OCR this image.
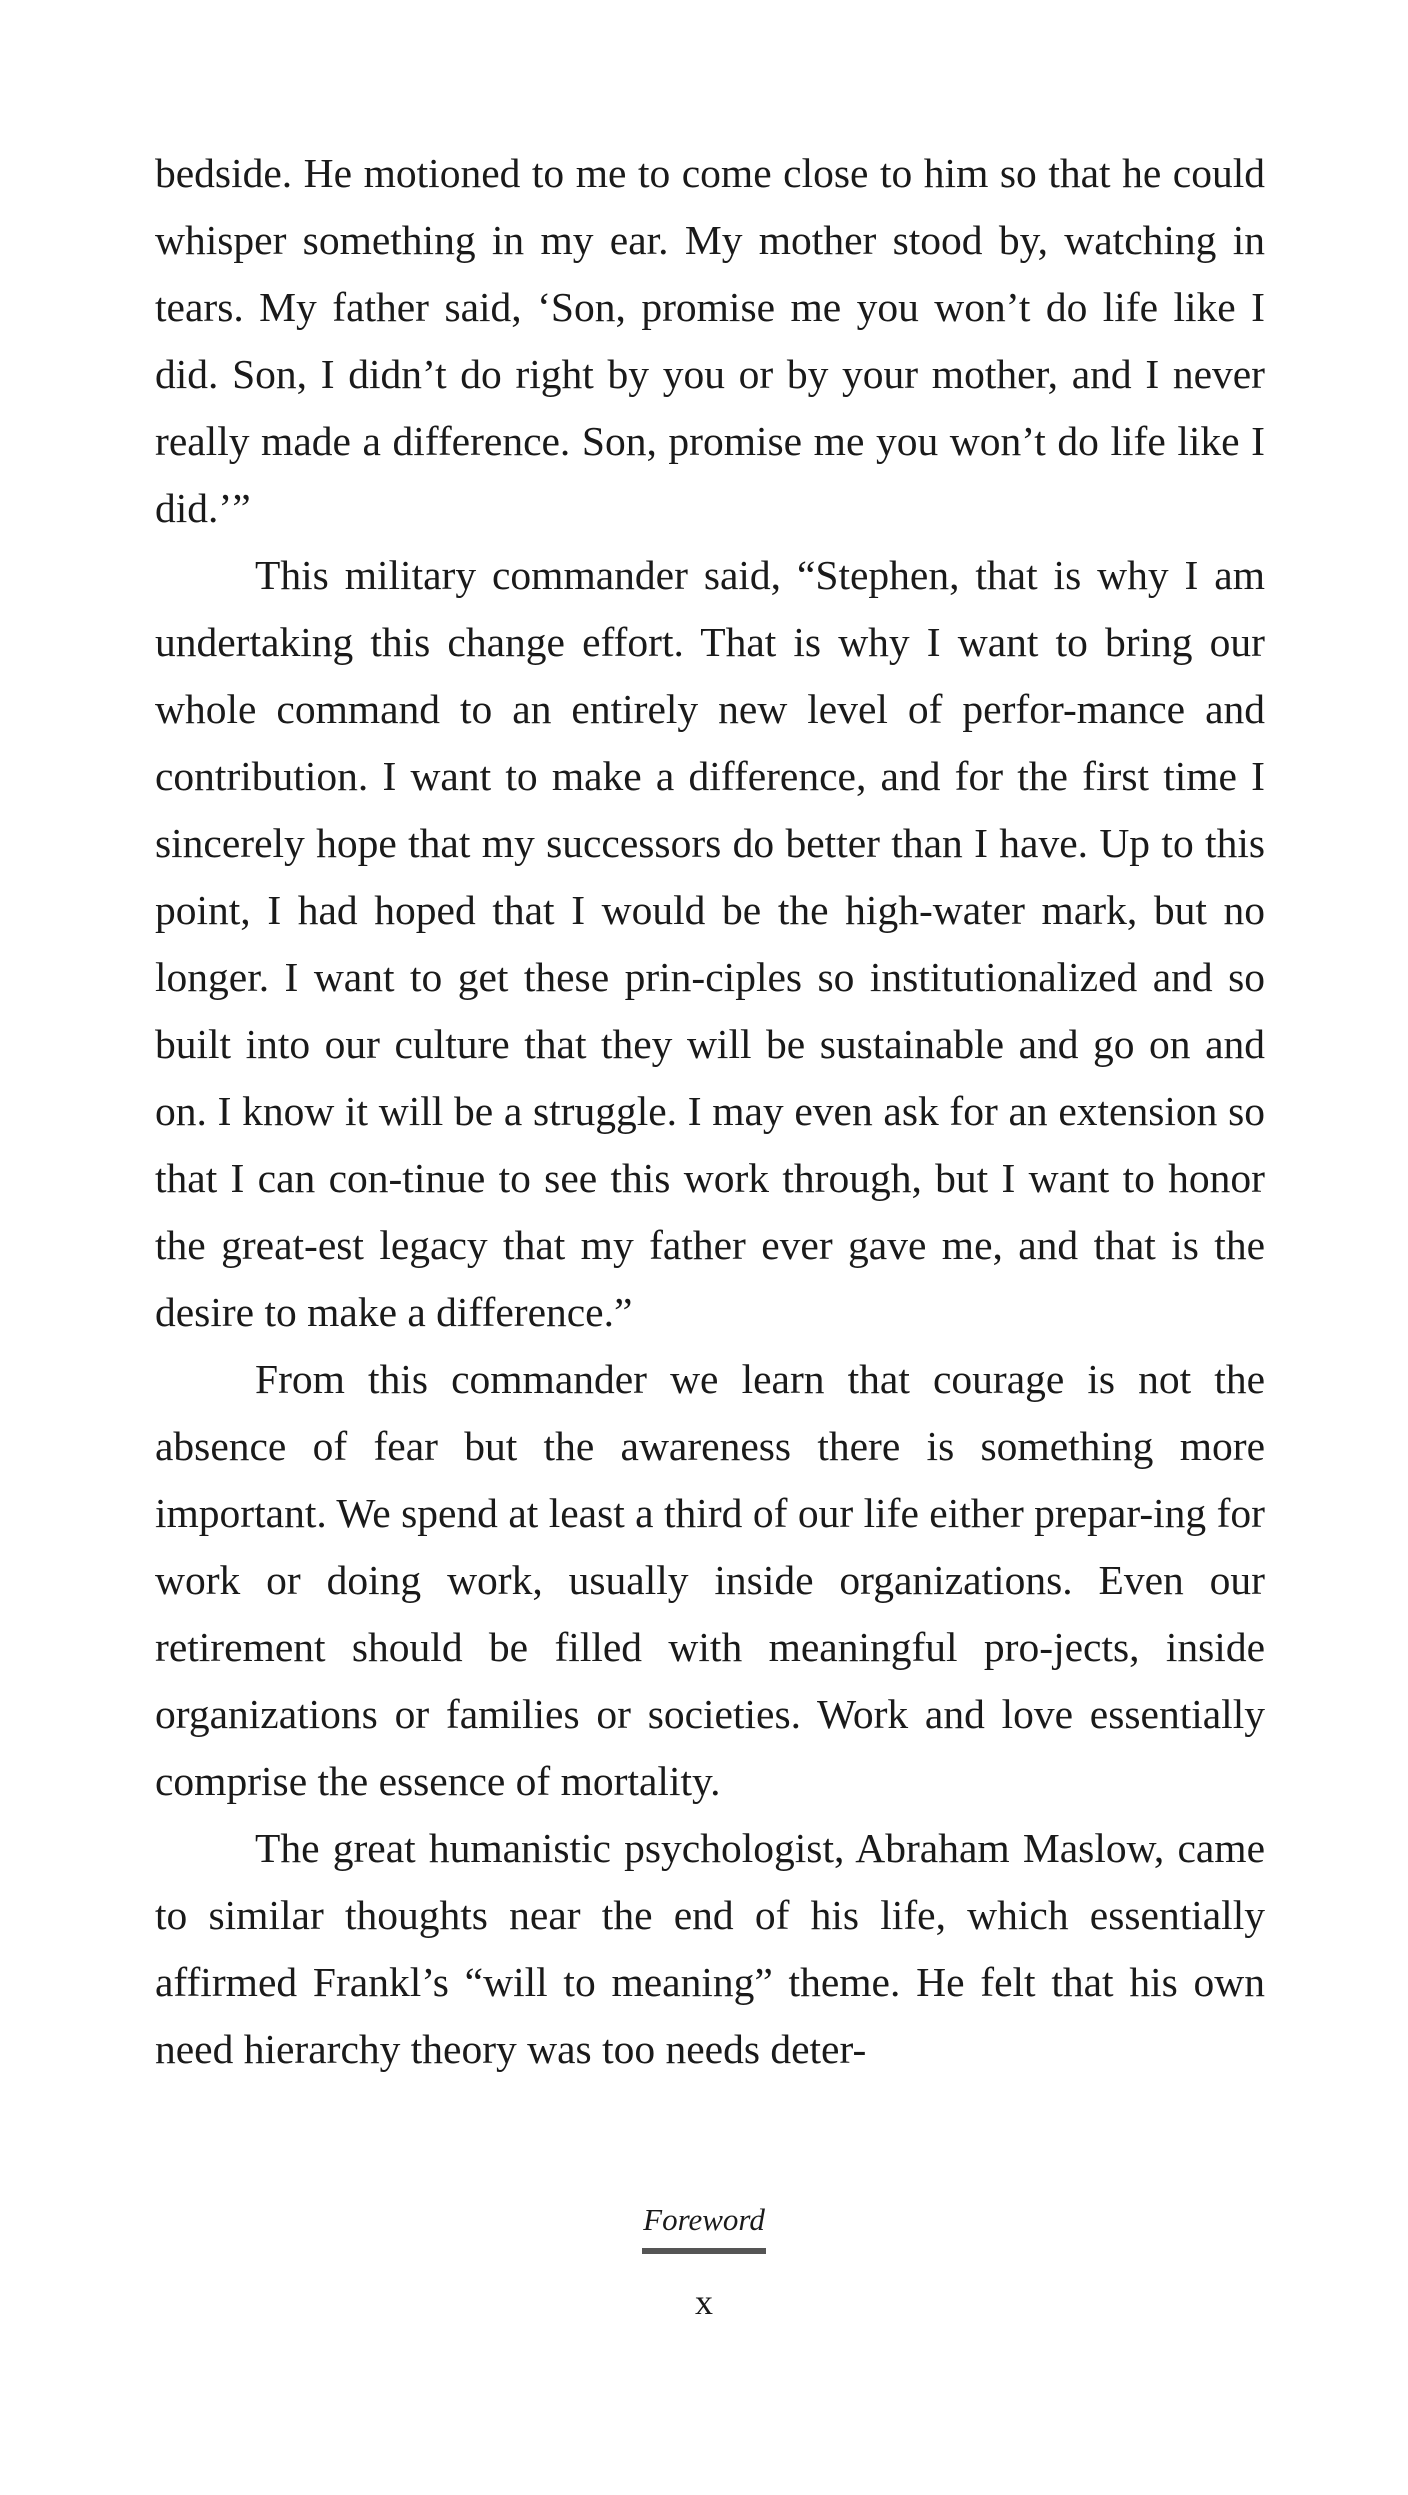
bedside. He motioned to me to come close to him so that he could whisper something in my ear. My mother stood by, watching in tears. My father said, ‘Son, promise me you won’t do life like I did. Son, I didn’t do right by you or by your mother, and I never really made a difference. Son, promise me you won’t do life like I did.’”

This military commander said, “Stephen, that is why I am undertaking this change effort. That is why I want to bring our whole command to an entirely new level of perfor-mance and contribution. I want to make a difference, and for the first time I sincerely hope that my successors do better than I have. Up to this point, I had hoped that I would be the high-water mark, but no longer. I want to get these prin-ciples so institutionalized and so built into our culture that they will be sustainable and go on and on. I know it will be a struggle. I may even ask for an extension so that I can con-tinue to see this work through, but I want to honor the great-est legacy that my father ever gave me, and that is the desire to make a difference.”

From this commander we learn that courage is not the absence of fear but the awareness there is something more important. We spend at least a third of our life either prepar-ing for work or doing work, usually inside organizations. Even our retirement should be filled with meaningful pro-jects, inside organizations or families or societies. Work and love essentially comprise the essence of mortality.

The great humanistic psychologist, Abraham Maslow, came to similar thoughts near the end of his life, which essentially affirmed Frankl’s “will to meaning” theme. He felt that his own need hierarchy theory was too needs deter-

Foreword
x
